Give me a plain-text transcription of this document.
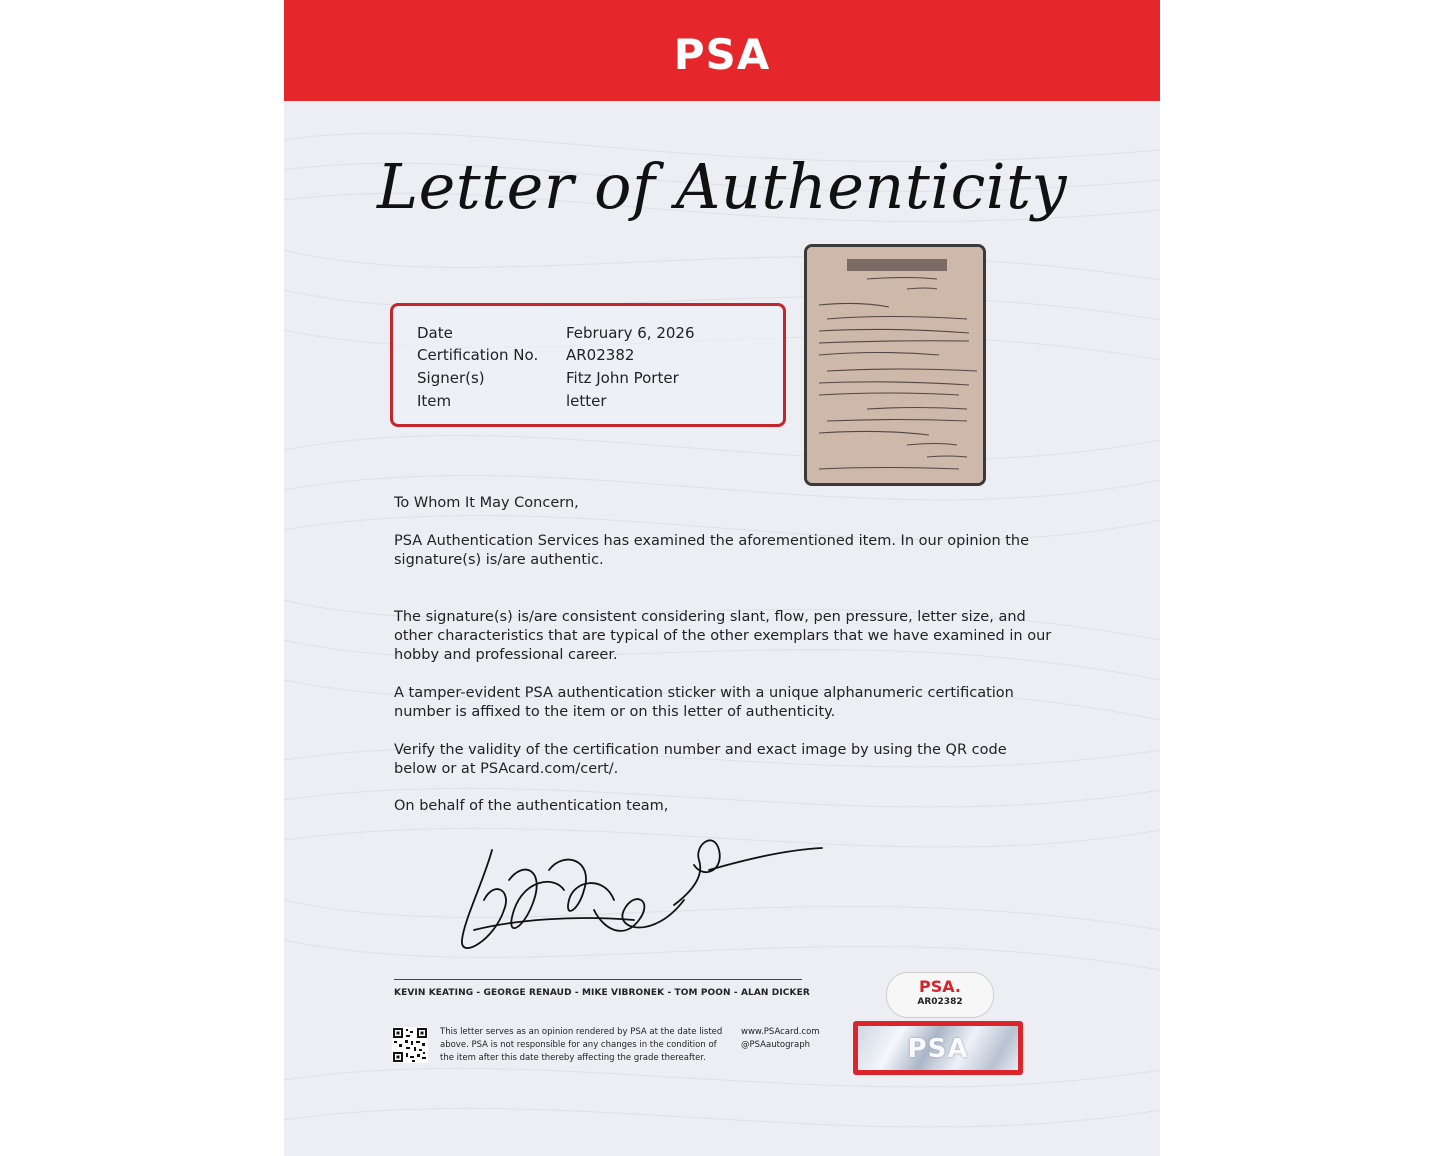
PSA
Letter of Authenticity
Date	February 6, 2026
Certification No. AR02382
Signer(s)	Fitz John Porter
Item	letter
To Whom It May Concern,
PSA Authentication Services has examined the aforementioned item. In our opinion the signature(s) is/are authentic.
The signature(s) is/are consistent considering slant, flow, pen pressure, letter size, and other characteristics that are typical of the other exemplars that we have examined in our hobby and professional career.
A tamper-evident PSA authentication sticker with a unique alphanumeric certification number is affixed to the item or on this letter of authenticity.
Verify the validity of the certification number and exact image by using the QR code below or at PSAcard.com/cert/.
On behalf of the authentication team,
KEVIN KEATING - GEORGE RENAUD - MIKE VIBRONEK - TOM POON - ALAN DICKER
This letter serves as an opinion rendered by PSA at the date listed above. PSA is not responsible for any changes in the condition of the item after this date thereby affecting the grade thereafter.
www.PSAcard.com
@PSAautograph
PSA.
AR02382
PSA
